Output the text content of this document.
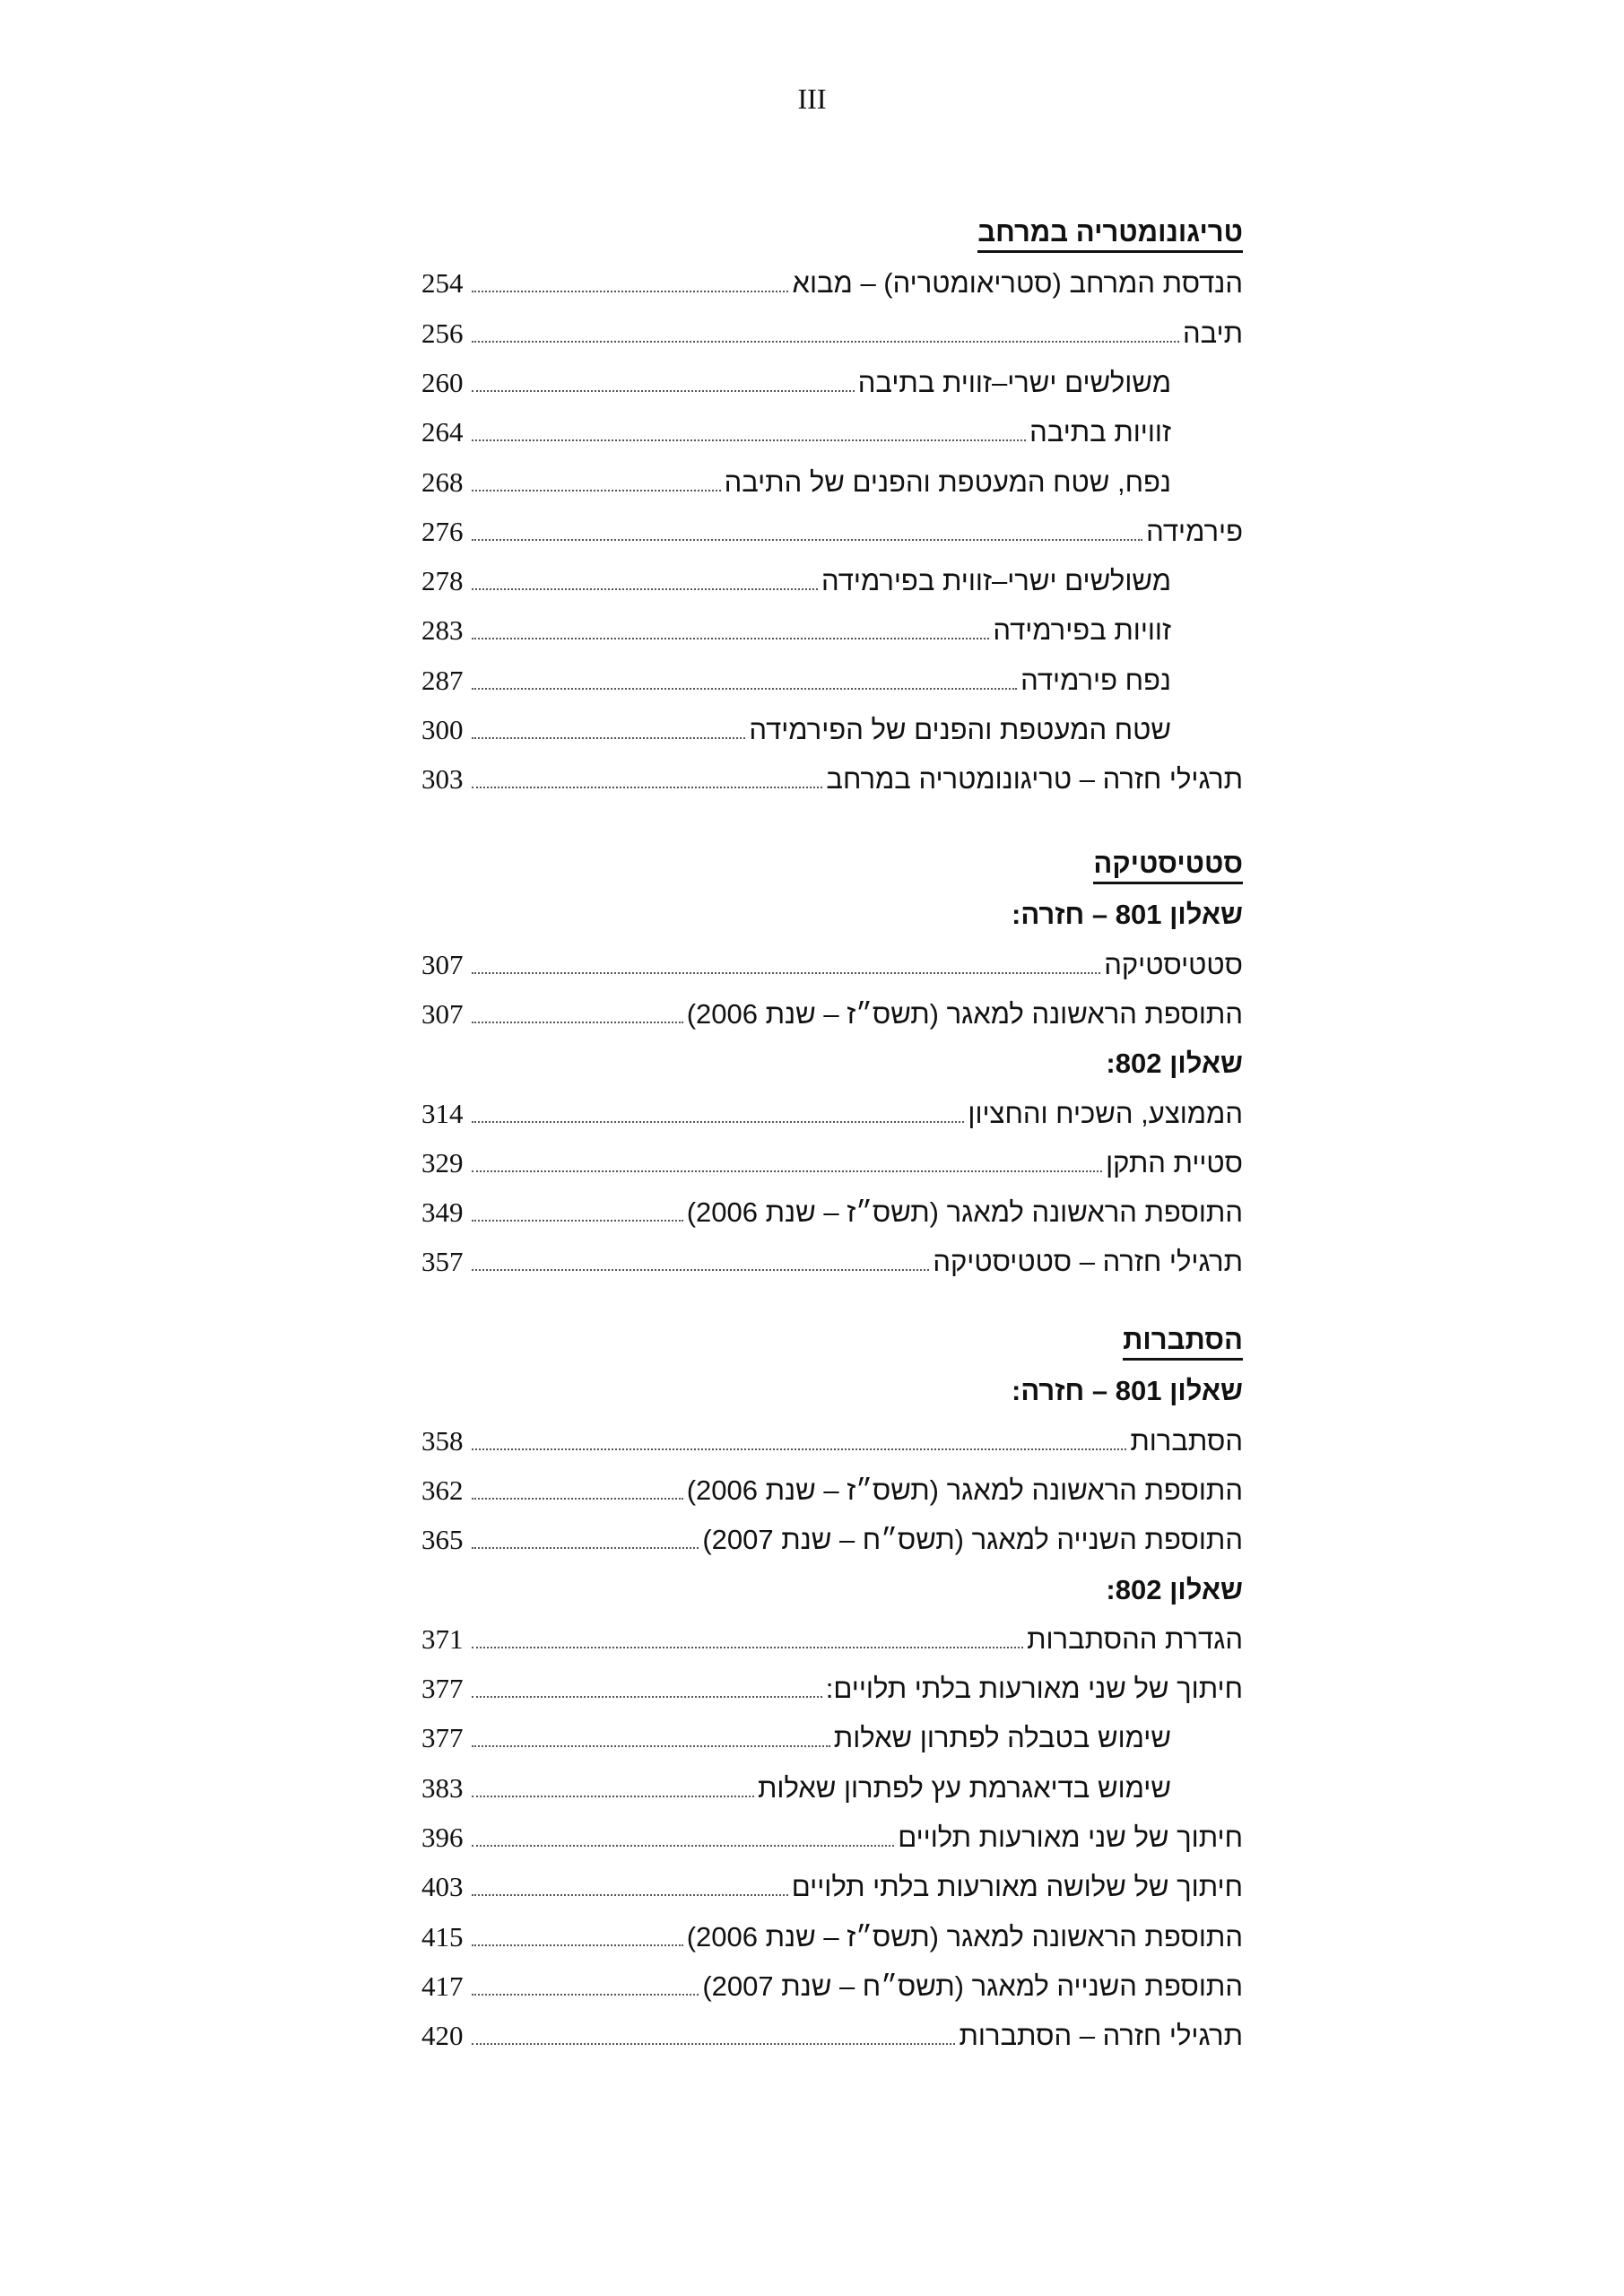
III
טריגונומטריה במרחב
הנדסת המרחב (סטריאומטריה) – מבוא
254
תיבה
256
משולשים ישרי–זווית בתיבה
260
זוויות בתיבה
264
נפח, שטח המעטפת והפנים של התיבה
268
פירמידה
276
משולשים ישרי–זווית בפירמידה
278
זוויות בפירמידה
283
נפח פירמידה
287
שטח המעטפת והפנים של הפירמידה
300
תרגילי חזרה – טריגונומטריה במרחב
303
סטטיסטיקה
שאלון 801 – חזרה:
סטטיסטיקה
307
התוספת הראשונה למאגר (תשס״ז – שנת 2006)
307
שאלון 802:
הממוצע, השכיח והחציון
314
סטיית התקן
329
התוספת הראשונה למאגר (תשס״ז – שנת 2006)
349
תרגילי חזרה – סטטיסטיקה
357
הסתברות
שאלון 801 – חזרה:
הסתברות
358
התוספת הראשונה למאגר (תשס״ז – שנת 2006)
362
התוספת השנייה למאגר (תשס״ח – שנת 2007)
365
שאלון 802:
הגדרת ההסתברות
371
חיתוך של שני מאורעות בלתי תלויים:
377
שימוש בטבלה לפתרון שאלות
377
שימוש בדיאגרמת עץ לפתרון שאלות
383
חיתוך של שני מאורעות תלויים
396
חיתוך של שלושה מאורעות בלתי תלויים
403
התוספת הראשונה למאגר (תשס״ז – שנת 2006)
415
התוספת השנייה למאגר (תשס״ח – שנת 2007)
417
תרגילי חזרה – הסתברות
420
